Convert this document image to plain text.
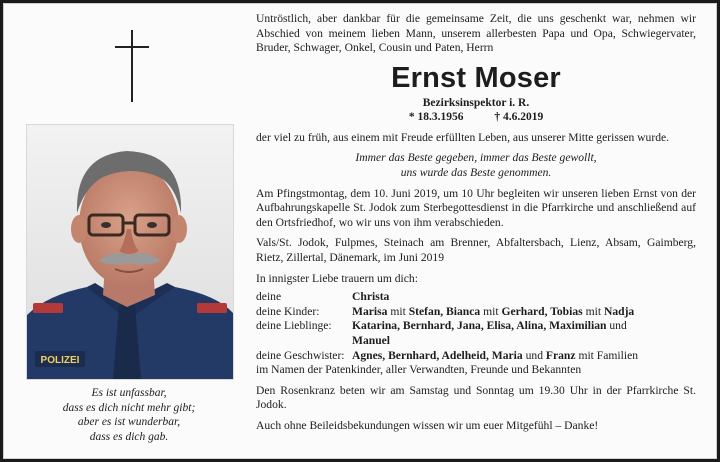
POLIZEI
Es ist unfassbar,
dass es dich nicht mehr gibt;
aber es ist wunderbar,
dass es dich gab.

Untröstlich, aber dankbar für die gemeinsame Zeit, die uns geschenkt war, nehmen wir Abschied von meinem lieben Mann, unserem allerbesten Papa und Opa, Schwiegervater, Bruder, Schwager, Onkel, Cousin und Paten, Herrn

Ernst Moser
Bezirksinspektor i. R.
* 18.3.1956	† 4.6.2019

der viel zu früh, aus einem mit Freude erfüllten Leben, aus unserer Mitte gerissen wurde.

Immer das Beste gegeben, immer das Beste gewollt,
uns wurde das Beste genommen.

Am Pfingstmontag, dem 10. Juni 2019, um 10 Uhr begleiten wir unseren lieben Ernst von der Aufbahrungskapelle St. Jodok zum Sterbegottesdienst in die Pfarrkirche und anschließend auf den Ortsfriedhof, wo wir uns von ihm verabschieden.

Vals/St. Jodok, Fulpmes, Steinach am Brenner, Abfaltersbach, Lienz, Absam, Gaimberg, Rietz, Zillertal, Dänemark, im Juni 2019

In innigster Liebe trauern um dich:

deine	Christa
deine Kinder:	Marisa mit Stefan, Bianca mit Gerhard, Tobias mit Nadja
deine Lieblinge:	Katarina, Bernhard, Jana, Elisa, Alina, Maximilian und
Manuel
deine Geschwister: Agnes, Bernhard, Adelheid, Maria und Franz mit Familien
im Namen der Patenkinder, aller Verwandten, Freunde und Bekannten

Den Rosenkranz beten wir am Samstag und Sonntag um 19.30 Uhr in der Pfarrkirche St. Jodok.

Auch ohne Beileidsbekundungen wissen wir um euer Mitgefühl – Danke!
